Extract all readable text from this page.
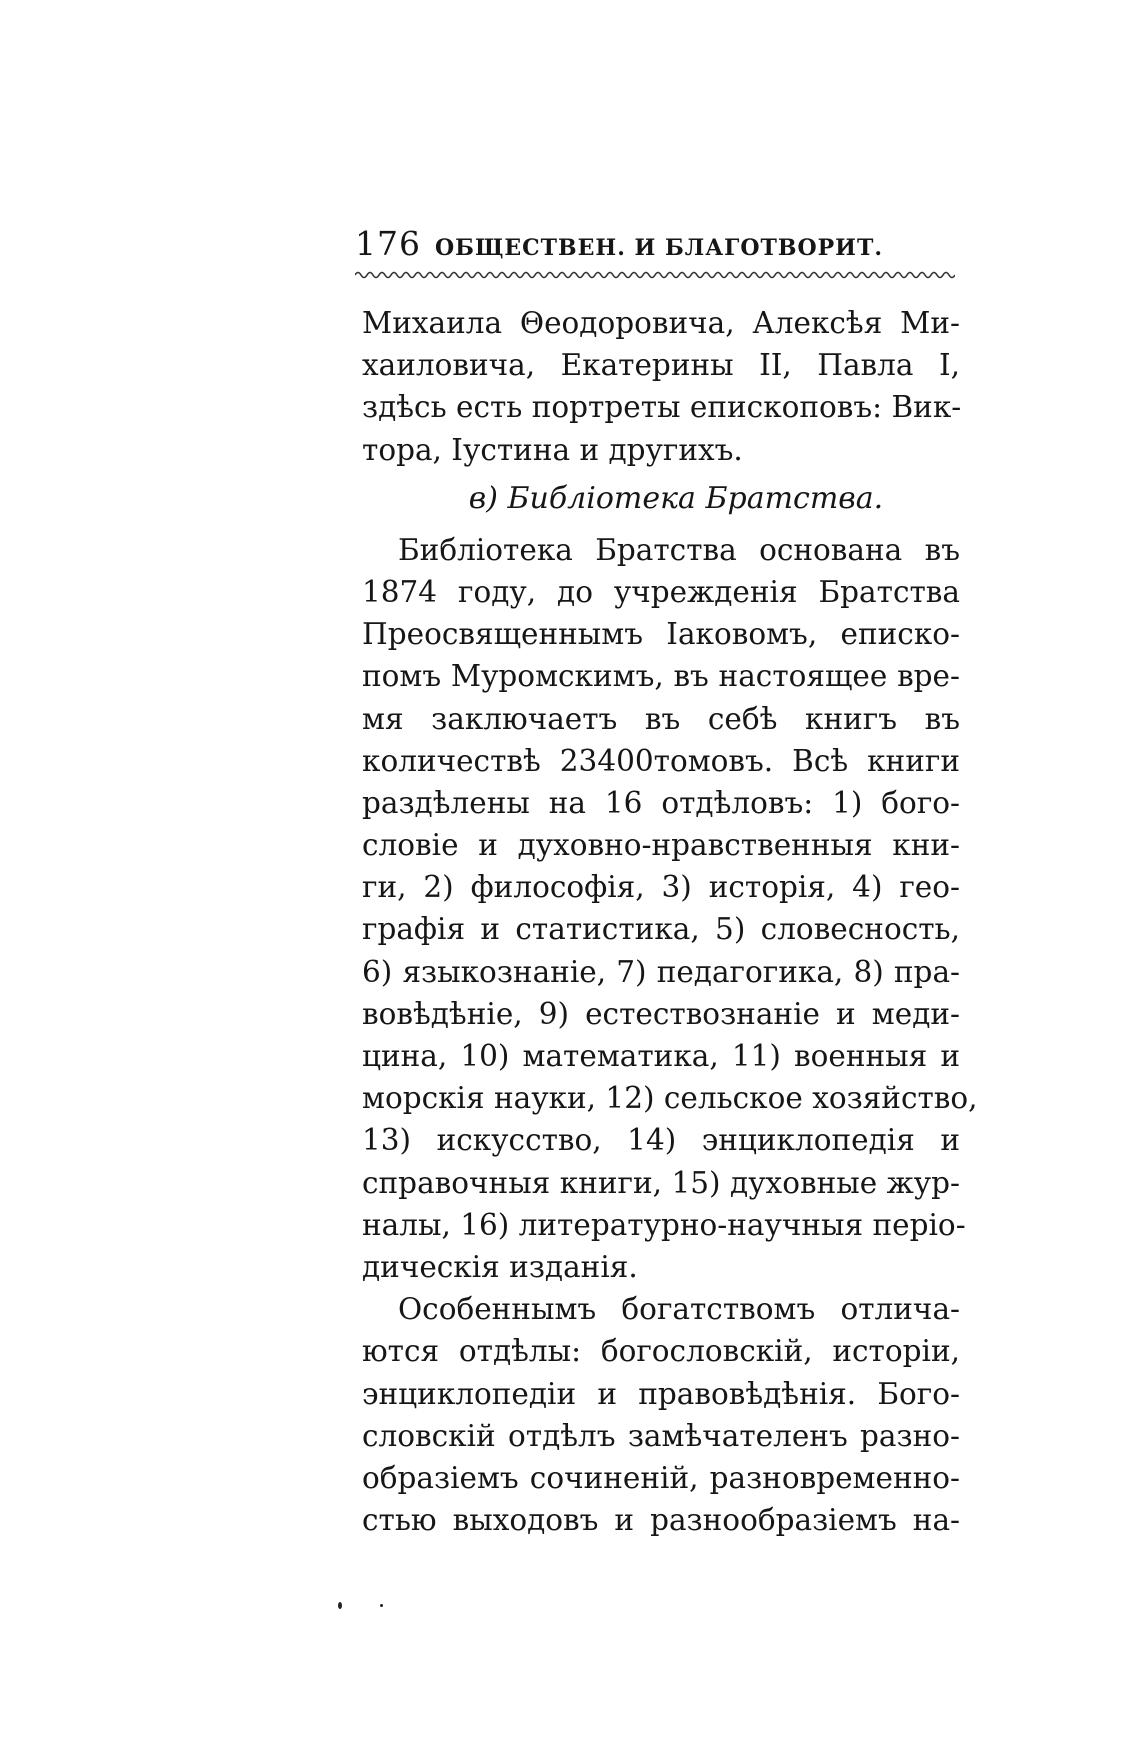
176 ОБЩЕСТВЕН. И БЛАГОТВОРИТ.
Михаила Θеодоровича, Алексѣя Ми-
хаиловича, Екатерины II, Павла I,
здѣсь есть портреты епископовъ: Вик-
тора, Іустина и другихъ.
в) Библіотека Братства.
Библіотека Братства основана въ
1874 году, до учрежденія Братства
Преосвященнымъ Іаковомъ, еписко-
помъ Муромскимъ, въ настоящее вре-
мя заключаетъ въ себѣ книгъ въ
количествѣ 23400томовъ. Всѣ книги
раздѣлены на 16 отдѣловъ: 1) бого-
словіе и духовно-нравственныя кни-
ги, 2) философія, 3) исторія, 4) гео-
графія и статистика, 5) словесность,
6) языкознаніе, 7) педагогика, 8) пра-
вовѣдѣніе, 9) естествознаніе и меди-
цина, 10) математика, 11) военныя и
морскія науки, 12) сельское хозяйство,
13) искусство, 14) энциклопедія и
справочныя книги, 15) духовные жур-
налы, 16) литературно-научныя періо-
дическія изданія.
Особеннымъ богатствомъ отлича-
ются отдѣлы: богословскій, исторіи,
энциклопедіи и правовѣдѣнія. Бого-
словскій отдѣлъ замѣчателенъ разно-
образіемъ сочиненій, разновременно-
стью выходовъ и разнообразіемъ на-
